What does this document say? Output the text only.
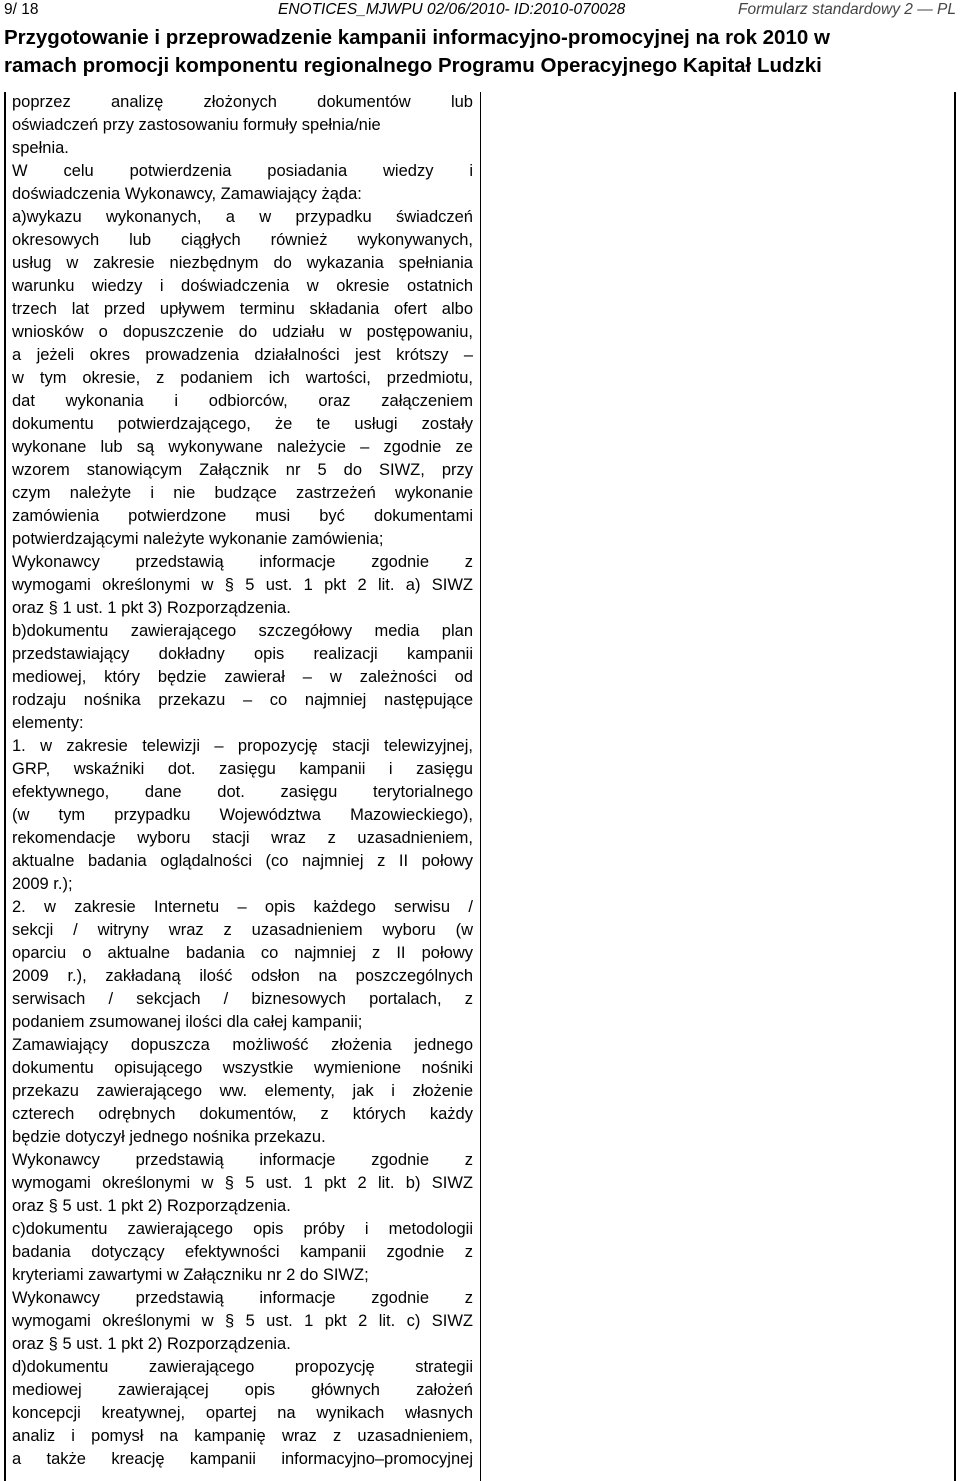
9/ 18	ENOTICES_MJWPU 02/06/2010- ID:2010-070028	Formularz standardowy 2 — PL
Przygotowanie i przeprowadzenie kampanii informacyjno-promocyjnej na rok 2010 w
ramach promocji komponentu regionalnego Programu Operacyjnego Kapitał Ludzki

poprzez analizę złożonych dokumentów lub

oświadczeń przy zastosowaniu formuły spełnia/nie

spełnia.

W celu potwierdzenia posiadania wiedzy i

doświadczenia Wykonawcy, Zamawiający żąda:

a)wykazu wykonanych, a w przypadku świadczeń

okresowych lub ciągłych również wykonywanych,

usług w zakresie niezbędnym do wykazania spełniania

warunku wiedzy i doświadczenia w okresie ostatnich

trzech lat przed upływem terminu składania ofert albo

wniosków o dopuszczenie do udziału w postępowaniu,

a jeżeli okres prowadzenia działalności jest krótszy –

w tym okresie, z podaniem ich wartości, przedmiotu,

dat wykonania i odbiorców, oraz załączeniem

dokumentu potwierdzającego, że te usługi zostały

wykonane lub są wykonywane należycie – zgodnie ze

wzorem stanowiącym Załącznik nr 5 do SIWZ, przy

czym należyte i nie budzące zastrzeżeń wykonanie

zamówienia potwierdzone musi być dokumentami

potwierdzającymi należyte wykonanie zamówienia;

Wykonawcy przedstawią informacje zgodnie z

wymogami określonymi w § 5 ust. 1 pkt 2 lit. a) SIWZ

oraz § 1 ust. 1 pkt 3) Rozporządzenia.

b)dokumentu zawierającego szczegółowy media plan

przedstawiający dokładny opis realizacji kampanii

mediowej, który będzie zawierał – w zależności od

rodzaju nośnika przekazu – co najmniej następujące

elementy:

1. w zakresie telewizji – propozycję stacji telewizyjnej,

GRP, wskaźniki dot. zasięgu kampanii i zasięgu

efektywnego, dane dot. zasięgu terytorialnego

(w tym przypadku Województwa Mazowieckiego),

rekomendacje wyboru stacji wraz z uzasadnieniem,

aktualne badania oglądalności (co najmniej z II połowy

2009 r.);

2. w zakresie Internetu – opis każdego serwisu /

sekcji / witryny wraz z uzasadnieniem wyboru (w

oparciu o aktualne badania co najmniej z II połowy

2009 r.), zakładaną ilość odsłon na poszczególnych

serwisach / sekcjach / biznesowych portalach, z

podaniem zsumowanej ilości dla całej kampanii;

Zamawiający dopuszcza możliwość złożenia jednego

dokumentu opisującego wszystkie wymienione nośniki

przekazu zawierającego ww. elementy, jak i złożenie

czterech odrębnych dokumentów, z których każdy

będzie dotyczył jednego nośnika przekazu.

Wykonawcy przedstawią informacje zgodnie z

wymogami określonymi w § 5 ust. 1 pkt 2 lit. b) SIWZ

oraz § 5 ust. 1 pkt 2) Rozporządzenia.

c)dokumentu zawierającego opis próby i metodologii

badania dotyczący efektywności kampanii zgodnie z

kryteriami zawartymi w Załączniku nr 2 do SIWZ;

Wykonawcy przedstawią informacje zgodnie z

wymogami określonymi w § 5 ust. 1 pkt 2 lit. c) SIWZ

oraz § 5 ust. 1 pkt 2) Rozporządzenia.

d)dokumentu zawierającego propozycję strategii

mediowej zawierającej opis głównych założeń

koncepcji kreatywnej, opartej na wynikach własnych

analiz i pomysł na kampanię wraz z uzasadnieniem,

a także kreację kampanii informacyjno–promocyjnej
